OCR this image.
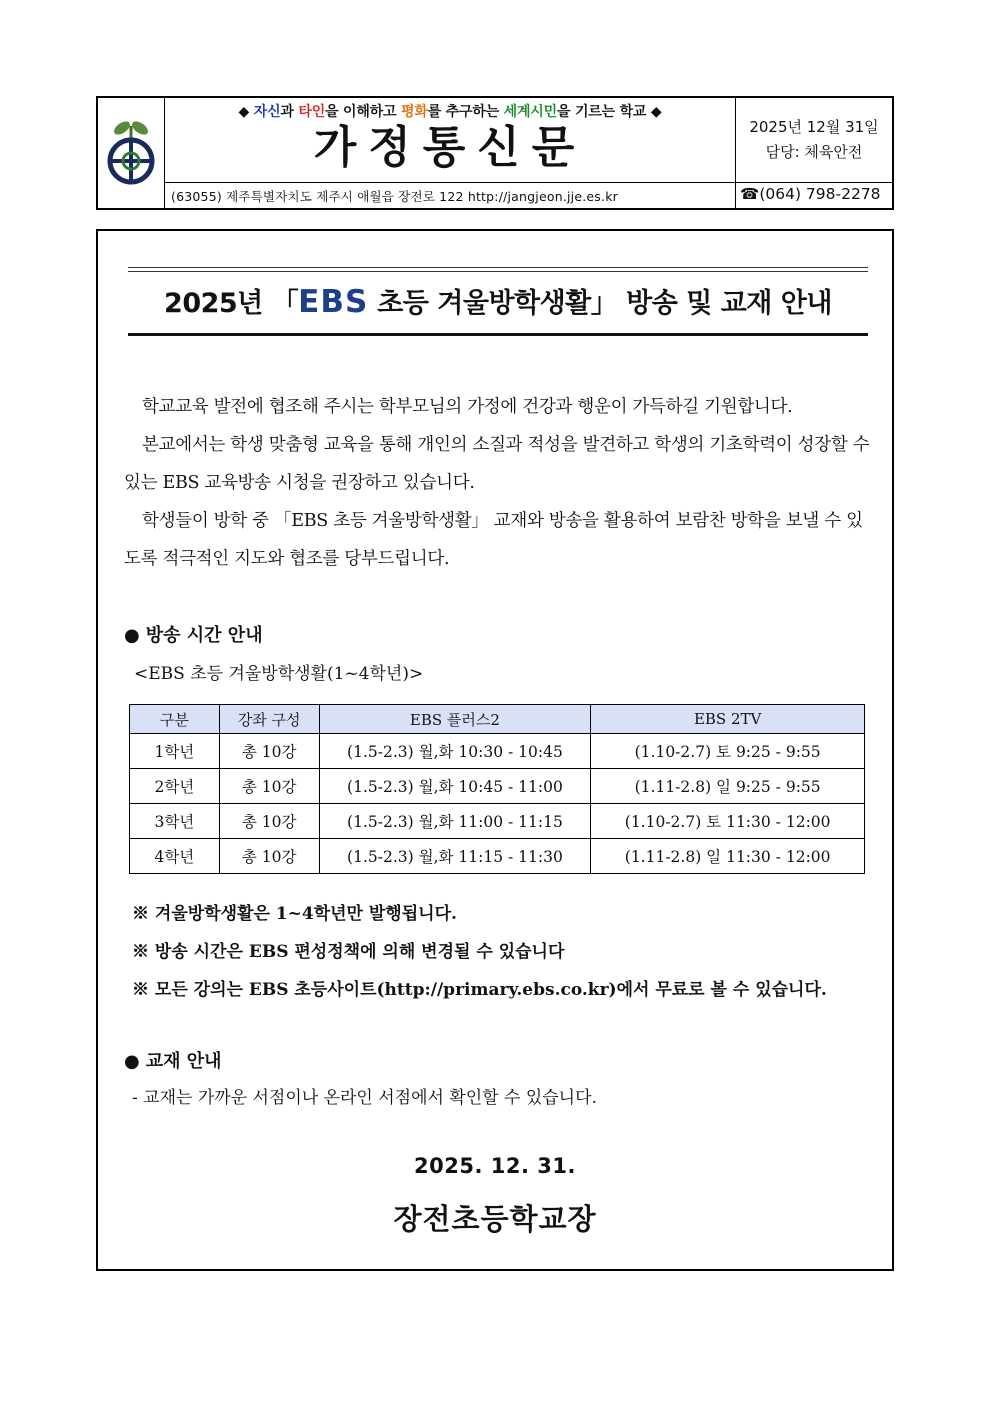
◆ 자신과 타인을 이해하고 평화를 추구하는 세계시민을 기르는 학교 ◆
가정통신문	2025년 12월 31일
담당: 체육안전
(63055) 제주특별자치도 제주시 애월읍 장전로 122 http://jangjeon.jje.es.kr	☎(064) 798-2278
2025년 「EBS 초등 겨울방학생활」 방송 및 교재 안내
학교교육 발전에 협조해 주시는 학부모님의 가정에 건강과 행운이 가득하길 기원합니다.
본교에서는 학생 맞춤형 교육을 통해 개인의 소질과 적성을 발견하고 학생의 기초학력이 성장할 수 있는 EBS 교육방송 시청을 권장하고 있습니다.
학생들이 방학 중 「EBS 초등 겨울방학생활」 교재와 방송을 활용하여 보람찬 방학을 보낼 수 있도록 적극적인 지도와 협조를 당부드립니다.
● 방송 시간 안내
<EBS 초등 겨울방학생활(1~4학년)>
구분	강좌 구성	EBS 플러스2	EBS 2TV
1학년	총 10강	(1.5-2.3) 월,화 10:30 - 10:45	(1.10-2.7) 토 9:25 - 9:55
2학년	총 10강	(1.5-2.3) 월,화 10:45 - 11:00	(1.11-2.8) 일 9:25 - 9:55
3학년	총 10강	(1.5-2.3) 월,화 11:00 - 11:15	(1.10-2.7) 토 11:30 - 12:00
4학년	총 10강	(1.5-2.3) 월,화 11:15 - 11:30	(1.11-2.8) 일 11:30 - 12:00
※ 겨울방학생활은 1~4학년만 발행됩니다.
※ 방송 시간은 EBS 편성정책에 의해 변경될 수 있습니다
※ 모든 강의는 EBS 초등사이트(http://primary.ebs.co.kr)에서 무료로 볼 수 있습니다.
● 교재 안내
- 교재는 가까운 서점이나 온라인 서점에서 확인할 수 있습니다.
2025. 12. 31.
장전초등학교장
